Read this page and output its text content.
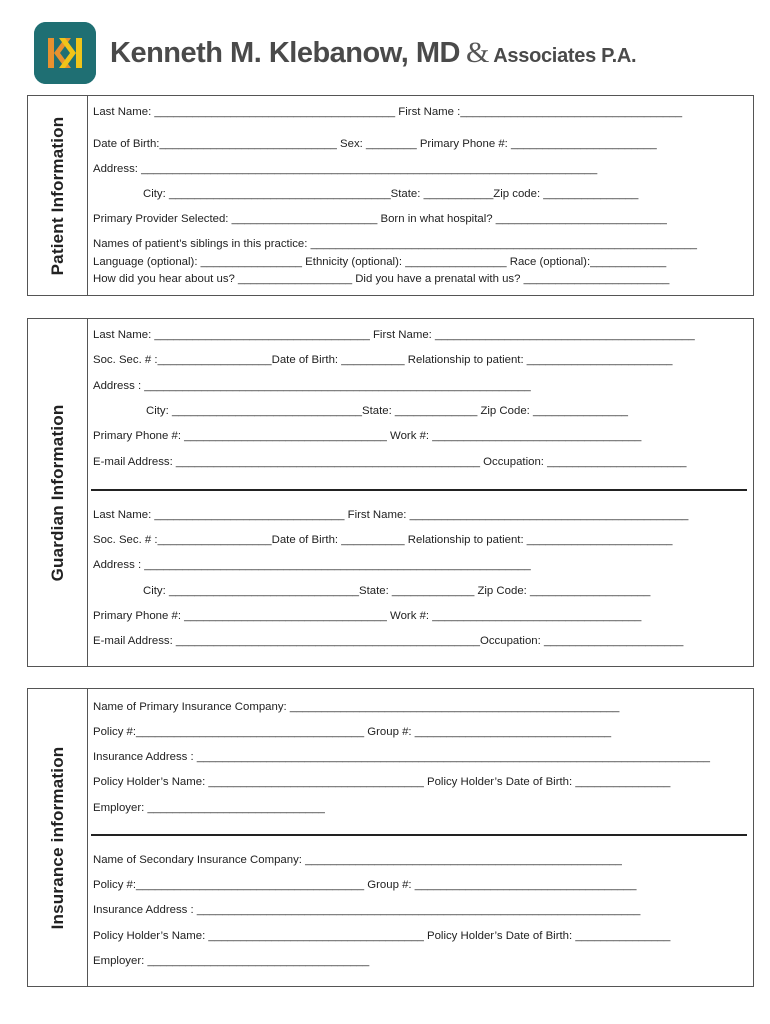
Kenneth M. Klebanow, MD & Associates P.A.
Patient Information
Last Name: ______________________________________ First Name :___________________________________
Date of Birth:____________________________ Sex: ________ Primary Phone #: _______________________
Address: ________________________________________________________________________
City: ___________________________________State: ___________Zip code: _______________
Primary Provider Selected: _______________________ Born in what hospital? ___________________________
Names of patient’s siblings in this practice: _____________________________________________________________
Language (optional): ________________ Ethnicity (optional): ________________ Race (optional):____________
How did you hear about us? __________________ Did you have a prenatal with us? _______________________
Guardian Information
Last Name: __________________________________ First Name: _________________________________________
Soc. Sec. # :__________________Date of Birth: __________ Relationship to patient: _______________________
Address : _____________________________________________________________
City: ______________________________State: _____________ Zip Code: _______________
Primary Phone #: ________________________________ Work #: _________________________________
E-mail Address: ________________________________________________ Occupation: ______________________
Last Name: ______________________________ First Name: ____________________________________________
Soc. Sec. # :__________________Date of Birth: __________ Relationship to patient: _______________________
Address : _____________________________________________________________
City: ______________________________State: _____________ Zip Code: ___________________
Primary Phone #: ________________________________ Work #: _________________________________
E-mail Address: ________________________________________________Occupation: ______________________
Insurance information
Name of Primary Insurance Company: ____________________________________________________
Policy #:____________________________________ Group #: _______________________________
Insurance Address : _________________________________________________________________________________
Policy Holder’s Name: __________________________________ Policy Holder’s Date of Birth: _______________
Employer: ____________________________
Name of Secondary Insurance Company: __________________________________________________
Policy #:____________________________________ Group #: ___________________________________
Insurance Address : ______________________________________________________________________
Policy Holder’s Name: __________________________________ Policy Holder’s Date of Birth: _______________
Employer: ___________________________________
